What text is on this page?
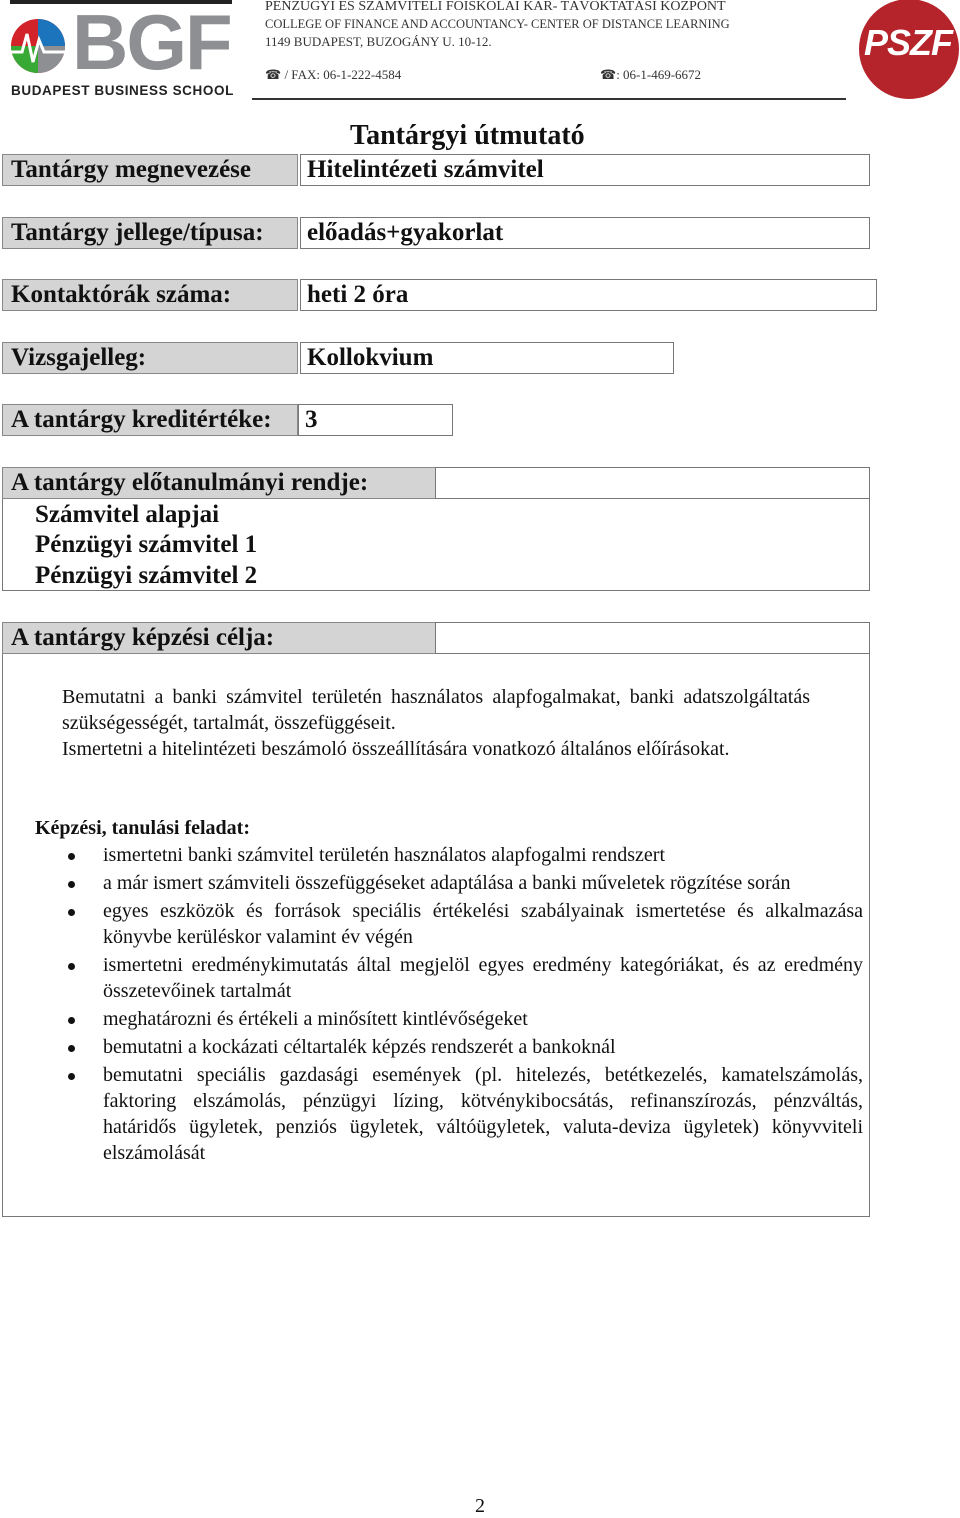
BGF
BUDAPEST BUSINESS SCHOOL
PÉNZÜGYI ÉS SZÁMVITELI FŐISKOLAI KAR- TÁVOKTATÁSI KÖZPONT
COLLEGE OF FINANCE AND ACCOUNTANCY- CENTER OF DISTANCE LEARNING
1149 BUDAPEST, BUZOGÁNY U. 10-12.
☎ / FAX: 06-1-222-4584	☎: 06-1-469-6672
PSZF
Tantárgyi útmutató
Tantárgy megnevezése	Hitelintézeti számvitel
Tantárgy jellege/típusa:	előadás+gyakorlat
Kontaktórák száma:	heti 2 óra
Vizsgajelleg:	Kollokvium
A tantárgy kreditértéke:	3
A tantárgy előtanulmányi rendje:
Számvitel alapjai
Pénzügyi számvitel 1
Pénzügyi számvitel 2
A tantárgy képzési célja:
Bemutatni a banki számvitel területén használatos alapfogalmakat, banki adatszolgáltatás szükségességét, tartalmát, összefüggéseit.
Ismertetni a hitelintézeti beszámoló összeállítására vonatkozó általános előírásokat.
Képzési, tanulási feladat:
ismertetni banki számvitel területén használatos alapfogalmi rendszert
a már ismert számviteli összefüggéseket adaptálása a banki műveletek rögzítése során
egyes eszközök és források speciális értékelési szabályainak ismertetése és alkalmazása könyvbe kerüléskor valamint év végén
ismertetni eredménykimutatás által megjelöl egyes eredmény kategóriákat, és az eredmény összetevőinek tartalmát
meghatározni és értékeli a minősített kintlévőségeket
bemutatni a kockázati céltartalék képzés rendszerét a bankoknál
bemutatni speciális gazdasági események (pl. hitelezés, betétkezelés, kamatelszámolás, faktoring elszámolás, pénzügyi lízing, kötvénykibocsátás, refinanszírozás, pénzváltás, határidős ügyletek, penziós ügyletek, váltóügyletek, valuta-deviza ügyletek) könyvviteli elszámolását
2
